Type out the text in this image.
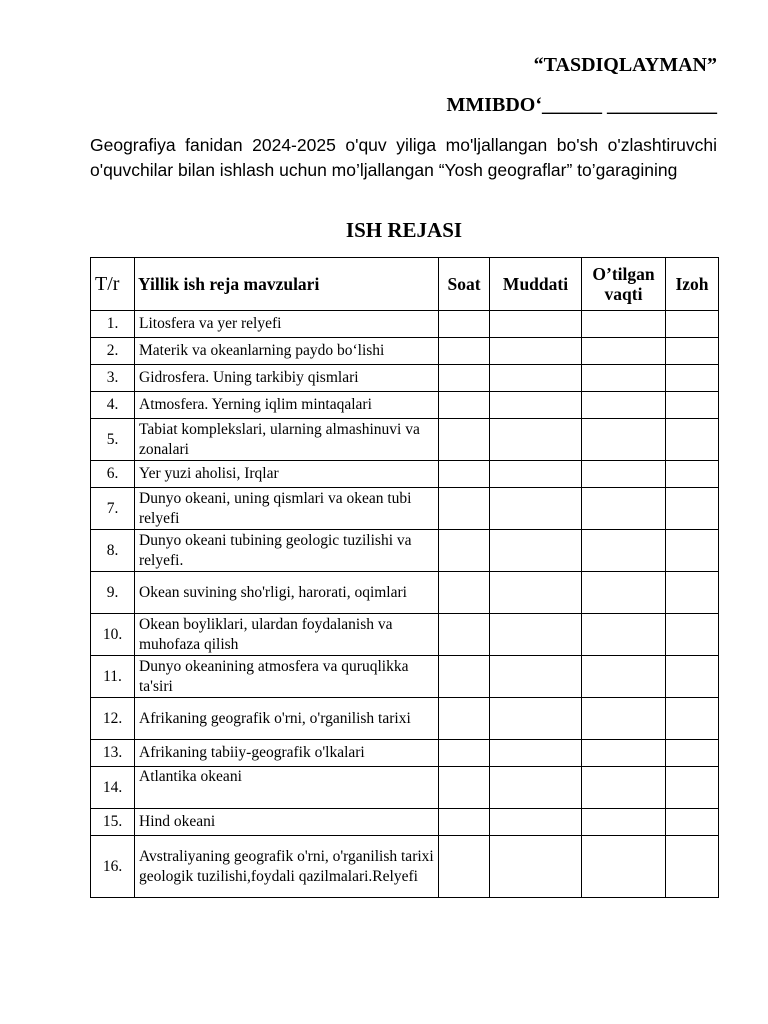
“TASDIQLAYMAN”
MMIBDO‘______ ___________
Geografiya fanidan 2024-2025 o'quv yiliga mo'ljallangan bo'sh o'zlashtiruvchi o'quvchilar bilan ishlash uchun mo’ljallangan “Yosh geograflar” to’garagining
ISH REJASI
T/r	Yillik ish reja mavzulari	Soat	Muddati	O’tilgan vaqti	Izoh
1.	Litosfera va yer relyefi				
2.	Materik va okeanlarning paydo bo‘lishi				
3.	Gidrosfera. Uning tarkibiy qismlari				
4.	Atmosfera. Yerning iqlim mintaqalari				
5.	Tabiat komplekslari, ularning almashinuvi va zonalari				
6.	Yer yuzi aholisi, Irqlar				
7.	Dunyo okeani, uning qismlari va okean tubi relyefi				
8.	Dunyo okeani tubining geologic tuzilishi va relyefi.				
9.	Okean suvining sho'rligi, harorati, oqimlari				
10.	Okean boyliklari, ulardan foydalanish va muhofaza qilish				
11.	Dunyo okeanining atmosfera va quruqlikka ta'siri				
12.	Afrikaning geografik o'rni, o'rganilish tarixi				
13.	Afrikaning tabiiy-geografik o'lkalari				
14.	Atlantika okeani				
15.	Hind okeani				
16.	Avstraliyaning geografik o'rni, o'rganilish tarixi geologik tuzilishi,foydali qazilmalari.Relyefi				
